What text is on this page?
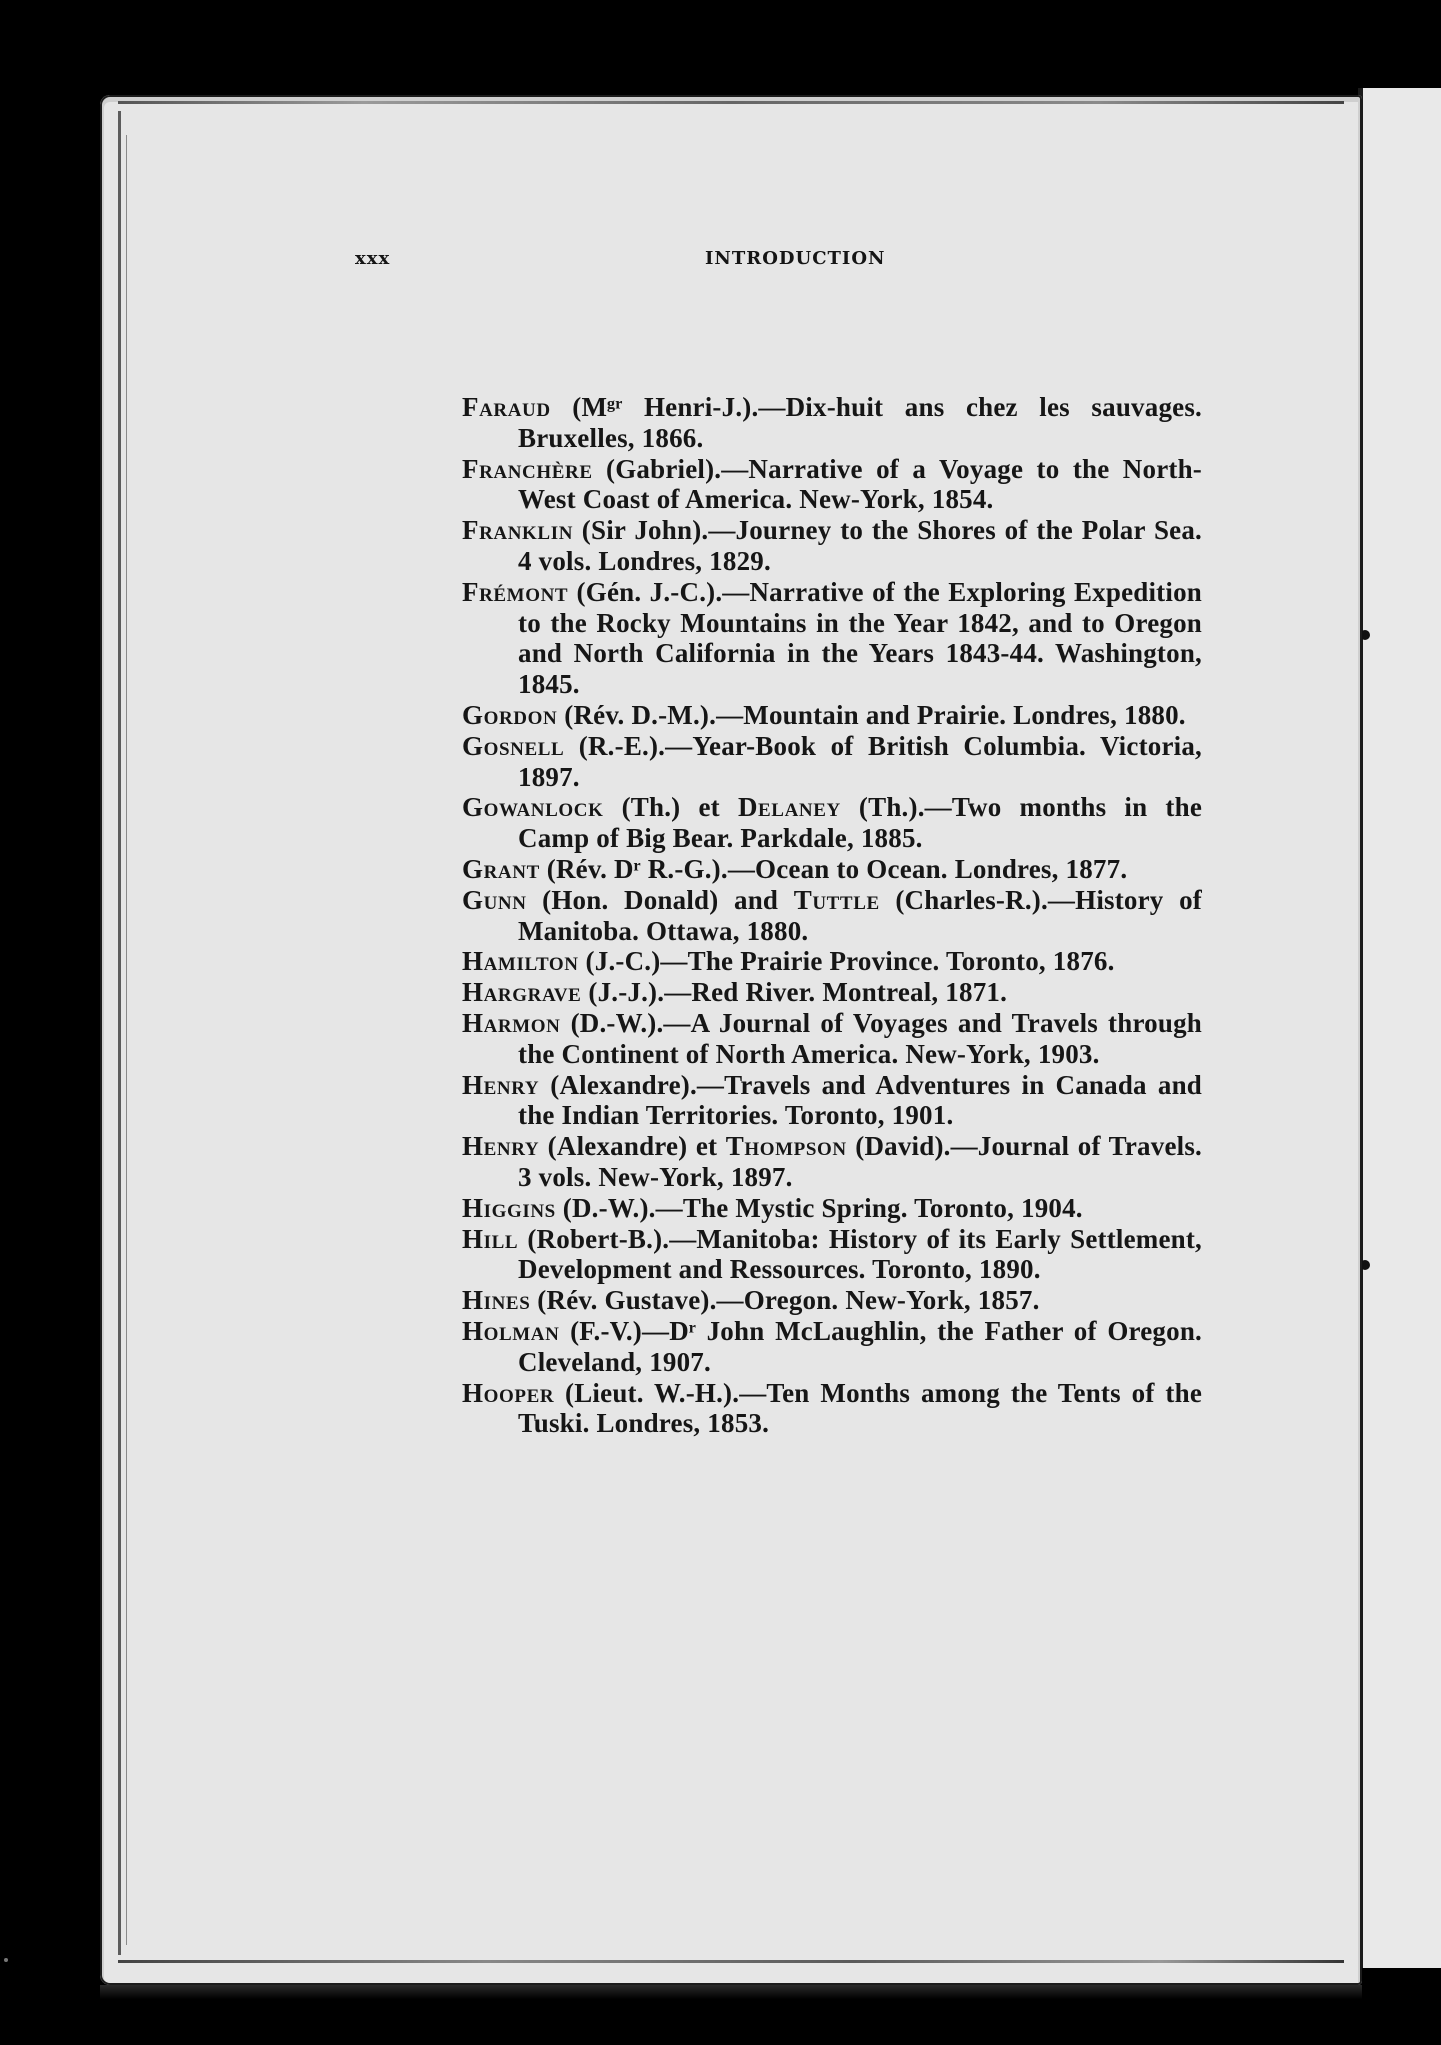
xxx	INTRODUCTION

Faraud (Mᵍʳ Henri-J.).—Dix-huit ans chez les sauvages. Bruxelles, 1866.

Franchère (Gabriel).—Narrative of a Voyage to the North-West Coast of America. New-York, 1854.

Franklin (Sir John).—Journey to the Shores of the Polar Sea. 4 vols. Londres, 1829.

Frémont (Gén. J.-C.).—Narrative of the Exploring Expedition to the Rocky Mountains in the Year 1842, and to Oregon and North California in the Years 1843-44. Washington, 1845.

Gordon (Rév. D.-M.).—Mountain and Prairie. Londres, 1880.

Gosnell (R.-E.).—Year-Book of British Columbia. Victoria, 1897.

Gowanlock (Th.) et Delaney (Th.).—Two months in the Camp of Big Bear. Parkdale, 1885.

Grant (Rév. Dʳ R.-G.).—Ocean to Ocean. Londres, 1877.

Gunn (Hon. Donald) and Tuttle (Charles-R.).—History of Manitoba. Ottawa, 1880.

Hamilton (J.-C.)—The Prairie Province. Toronto, 1876.

Hargrave (J.-J.).—Red River. Montreal, 1871.

Harmon (D.-W.).—A Journal of Voyages and Travels through the Continent of North America. New-York, 1903.

Henry (Alexandre).—Travels and Adventures in Canada and the Indian Territories. Toronto, 1901.

Henry (Alexandre) et Thompson (David).—Journal of Travels. 3 vols. New-York, 1897.

Higgins (D.-W.).—The Mystic Spring. Toronto, 1904.

Hill (Robert-B.).—Manitoba: History of its Early Settlement, Development and Ressources. Toronto, 1890.

Hines (Rév. Gustave).—Oregon. New-York, 1857.

Holman (F.-V.)—Dʳ John McLaughlin, the Father of Oregon. Cleveland, 1907.

Hooper (Lieut. W.-H.).—Ten Months among the Tents of the Tuski. Londres, 1853.
